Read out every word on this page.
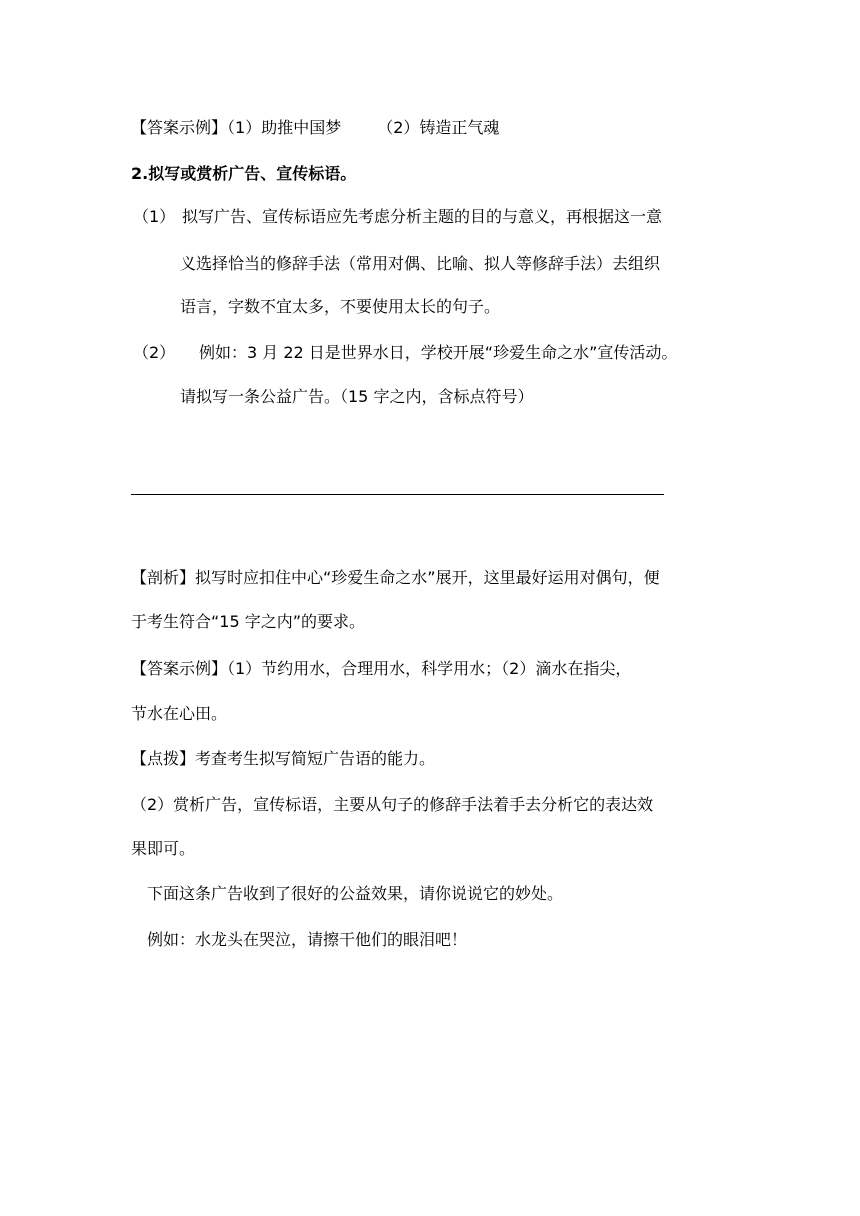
【答案示例】（1）助推中国梦 （2）铸造正气魂
2.拟写或赏析广告、宣传标语。
（1） 拟写广告、宣传标语应先考虑分析主题的目的与意义，再根据这一意
义选择恰当的修辞手法（常用对偶、比喻、拟人等修辞手法）去组织
语言，字数不宜太多，不要使用太长的句子。
（2） 例如：3 月 22 日是世界水日，学校开展“珍爱生命之水”宣传活动。
请拟写一条公益广告。（15 字之内，含标点符号）
【剖析】拟写时应扣住中心“珍爱生命之水”展开，这里最好运用对偶句，便
于考生符合“15 字之内”的要求。
【答案示例】（1）节约用水，合理用水，科学用水；（2）滴水在指尖，
节水在心田。
【点拨】考查考生拟写简短广告语的能力。
（2）赏析广告，宣传标语，主要从句子的修辞手法着手去分析它的表达效
果即可。
下面这条广告收到了很好的公益效果，请你说说它的妙处。
例如：水龙头在哭泣，请擦干他们的眼泪吧！
